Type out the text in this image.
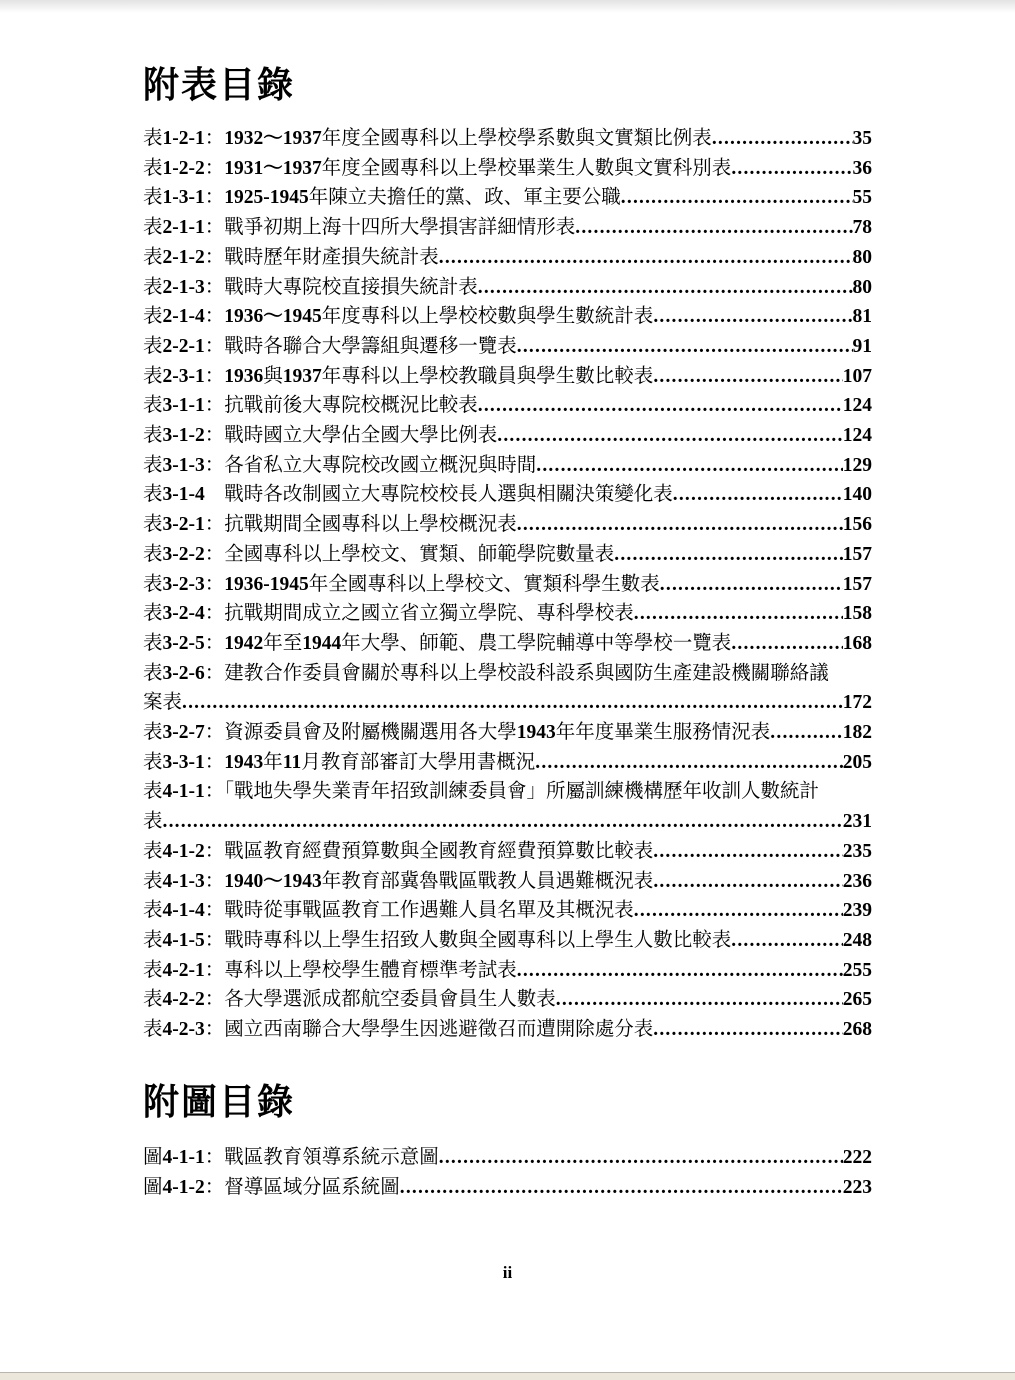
附表目錄
表 1-2-1 ： 1932～1937 年度全國專科以上學校學系數與文實類比例表 .....	35
表 1-2-2 ： 1931～1937 年度全國專科以上學校畢業生人數與文實科別表 .....	36
表 1-3-1 ： 1925-1945 年陳立夫擔任的黨、政、軍主要公職 .....	55
表 2-1-1 ：戰爭初期上海十四所大學損害詳細情形表 .....	78
表 2-1-2 ：戰時歷年財產損失統計表 .....	80
表 2-1-3 ：戰時大專院校直接損失統計表 .....	80
表 2-1-4 ： 1936～1945 年度專科以上學校校數與學生數統計表 .....	81
表 2-2-1 ：戰時各聯合大學籌組與遷移一覽表 .....	91
表 2-3-1 ： 1936 與 1937 年專科以上學校教職員與學生數比較表 .....	107
表 3-1-1 ：抗戰前後大專院校概況比較表 .....	124
表 3-1-2 ：戰時國立大學佔全國大學比例表 .....	124
表 3-1-3 ：各省私立大專院校改國立概況與時間 .....	129
表 3-1-4 　戰時各改制國立大專院校校長人選與相關決策變化表 .....	140
表 3-2-1 ：抗戰期間全國專科以上學校概況表 .....	156
表 3-2-2 ：全國專科以上學校文、實類、師範學院數量表 .....	157
表 3-2-3 ： 1936-1945 年全國專科以上學校文、實類科學生數表 .....	157
表 3-2-4 ：抗戰期間成立之國立省立獨立學院、專科學校表 .....	158
表 3-2-5 ： 1942 年至 1944 年大學、師範、農工學院輔導中等學校一覽表 .....	168
表 3-2-6 ：建教合作委員會關於專科以上學校設科設系與國防生產建設機關聯絡議
案表 .....	172
表 3-2-7 ：資源委員會及附屬機關選用各大學 1943 年年度畢業生服務情況表 .....	182
表 3-3-1 ： 1943 年 11 月教育部審訂大學用書概況 .....	205
表 4-1-1 ：「戰地失學失業青年招致訓練委員會」所屬訓練機構歷年收訓人數統計
表 .....	231
表 4-1-2 ：戰區教育經費預算數與全國教育經費預算數比較表 .....	235
表 4-1-3 ： 1940～1943 年教育部冀魯戰區戰教人員遇難概況表 .....	236
表 4-1-4 ：戰時從事戰區教育工作遇難人員名單及其概況表 .....	239
表 4-1-5 ：戰時專科以上學生招致人數與全國專科以上學生人數比較表 .....	248
表 4-2-1 ：專科以上學校學生體育標準考試表 .....	255
表 4-2-2 ：各大學選派成都航空委員會員生人數表 .....	265
表 4-2-3 ：國立西南聯合大學學生因逃避徵召而遭開除處分表 .....	268
附圖目錄
圖 4-1-1 ：戰區教育領導系統示意圖 .....	222
圖 4-1-2 ：督導區域分區系統圖 .....	223
ii
